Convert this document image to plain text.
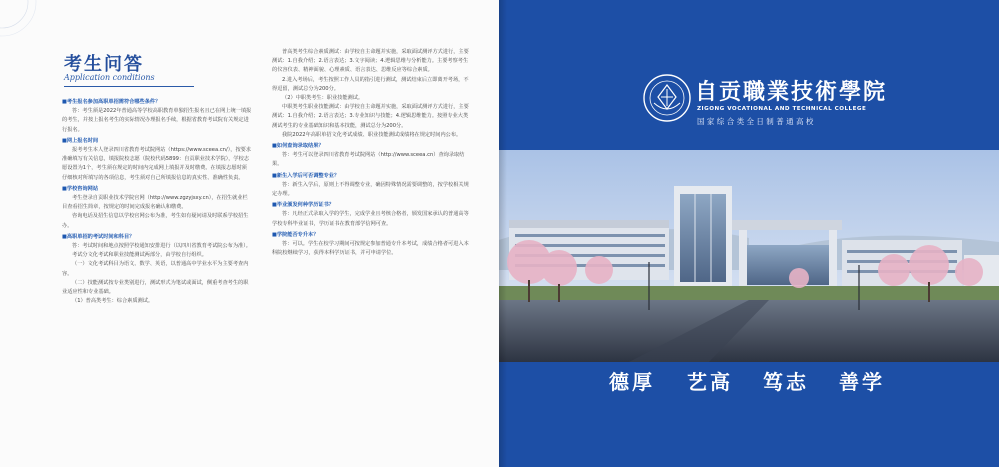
考生问答
Application conditions
■考生报名参加高职单招需符合哪些条件？
答：考生须是2022年普通高等学校高职教育单独招生报名且已在网上统一填报的考生，并按上报名考生的实际情况办理报名手续，根据省教育考试院有关规定进行报名。
■网上报名时间
报考考生本人登录四川省教育考试院网站（https://www.sceea.cn/），按要求准确填写有关信息，填报院校志愿（院校代码5899：自贡职业技术学院），学校志愿设置为1个，考生须在规定的时间内完成网上填报并及时缴费。在填报志愿时须仔细核对所填写的各项信息，考生须对自己所填报信息的真实性、准确性负责。
■学校咨询网站
考生登录自贡职业技术学院官网（http://www.zgzyjsxy.cn），在招生就业栏目查看招生简章，按规定的时间完成报名确认和缴费。
咨询电话及招生信息以学校官网公布为准，考生如有疑问请及时联系学校招生办。
■高职单招的考试时间和科目？
答：考试时间和地点按照学校通知安排进行（以四川省教育考试院公布为准）。
考试分文化考试和职业技能测试两部分，由学校自行组织。
（一）文化考试科目为语文、数学、英语，以普通高中学业水平为主要考查内容。
（二）技能测试按专业类别进行，测试形式为笔试或面试，侧重考查考生的职业适应性和专业基础。
（1）普高类考生：综合素质测试。
普高类考生综合素质测试：由学校自主命题并实施，采取面试测评方式进行，主要测试：1.自我介绍；2.语言表达；3.文字阅读；4.逻辑思维与分析能力。主要考察考生的仪容仪表、精神面貌、心理素质、语言表达、思维反应等综合素质。
2.进入考场后，考生按照工作人员的指引进行测试，测试结束后立即离开考场，不得逗留，测试总分为200分。
（2）中职类考生：职业技能测试。
中职类考生职业技能测试：由学校自主命题并实施，采取面试测评方式进行，主要测试：1.自我介绍；2.语言表达；3.专业知识与技能；4.逻辑思维能力。按照专业大类测试考生的专业基础知识和基本技能，测试总分为200分。
我院2022年高职单招文化考试成绩、职业技能测试成绩将在规定时间内公布。
■如何查询录取结果？
答：考生可以登录四川省教育考试院网站（http://www.sceea.cn）查询录取结果。
■新生入学后可否调整专业？
答：新生入学后，原则上不得调整专业，确因特殊情况需要调整的，按学校相关规定办理。
■毕业颁发何种学历证书？
答：凡经正式录取入学的学生，完成学业且考核合格者，颁发国家承认的普通高等学校专科毕业证书，学历证书在教育部学信网可查。
■学院能否专升本？
答：可以。学生在校学习期间可按规定参加普通专升本考试，成绩合格者可进入本科院校继续学习，获得本科学历证书，并可申请学位。
自贡職業技術學院
ZIGONG VOCATIONAL AND TECHNICAL COLLEGE
国家综合类全日制普通高校
德厚 艺高 笃志 善学
